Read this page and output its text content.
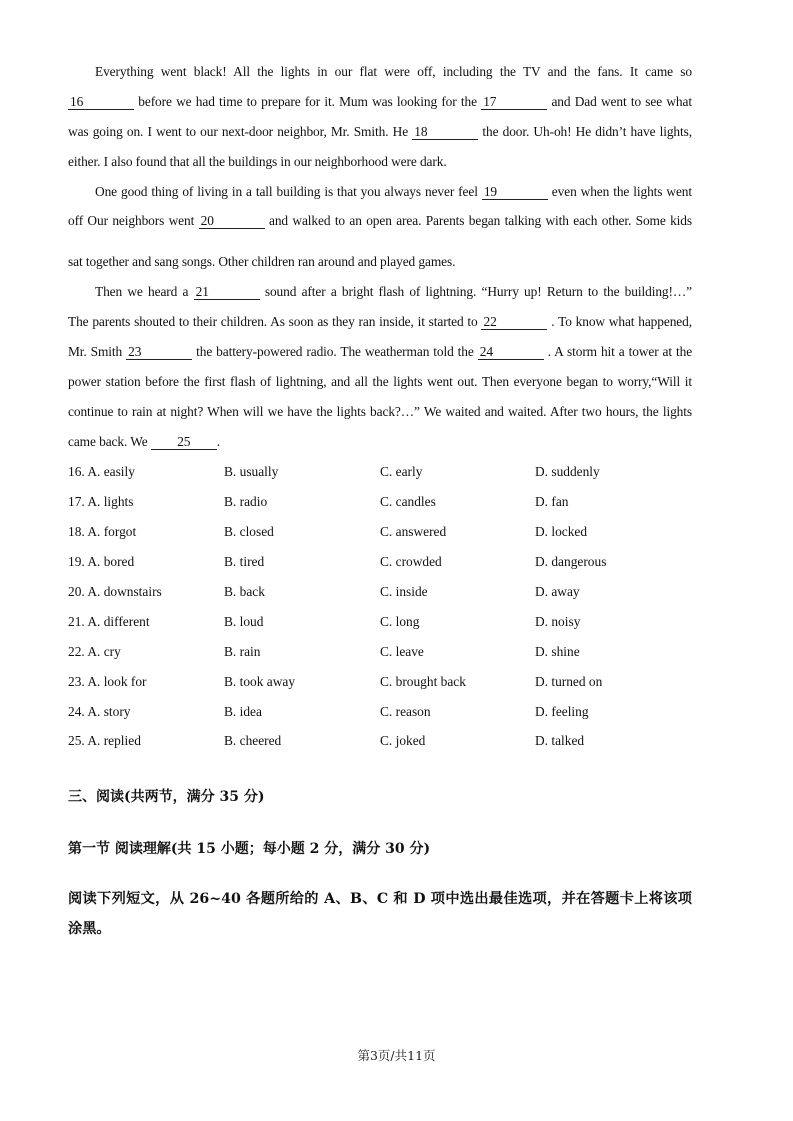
Everything went black! All the lights in our flat were off, including the TV and the fans. It came so
16	before we had time to prepare for it. Mum was looking for the 17	and Dad went to see what
was going on. I went to our next-door neighbor, Mr. Smith. He 18	the door. Uh-oh! He didn’t have lights,
either. I also found that all the buildings in our neighborhood were dark.
One good thing of living in a tall building is that you always never feel 19	even when the lights went
off Our neighbors went 20	and walked to an open area. Parents began talking with each other. Some kids
sat together and sang songs. Other children ran around and played games.
Then we heard a 21	sound after a bright flash of lightning. “Hurry up! Return to the building!…”
The parents shouted to their children. As soon as they ran inside, it started to 22	. To know what happened,
Mr. Smith 23	the battery-powered radio. The weatherman told the 24	. A storm hit a tower at the
power station before the first flash of lightning, and all the lights went out. Then everyone began to worry,“Will it
continue to rain at night? When will we have the lights back?…” We waited and waited. After two hours, the lights
came back. We 25 .
16. A. easily	B. usually	C. early	D. suddenly
17. A. lights	B. radio	C. candles	D. fan
18. A. forgot	B. closed	C. answered	D. locked
19. A. bored	B. tired	C. crowded	D. dangerous
20. A. downstairs	B. back	C. inside	D. away
21. A. different	B. loud	C. long	D. noisy
22. A. cry	B. rain	C. leave	D. shine
23. A. look for	B. took away	C. brought back	D. turned on
24. A. story	B. idea	C. reason	D. feeling
25. A. replied	B. cheered	C. joked	D. talked
三、阅读(共两节，满分 35 分)
第一节 阅读理解(共 15 小题；每小题 2 分，满分 30 分)
阅读下列短文，从 26~40 各题所给的 A、B、C 和 D 项中选出最佳选项，并在答题卡上将该项涂黑。
第3页/共11页
